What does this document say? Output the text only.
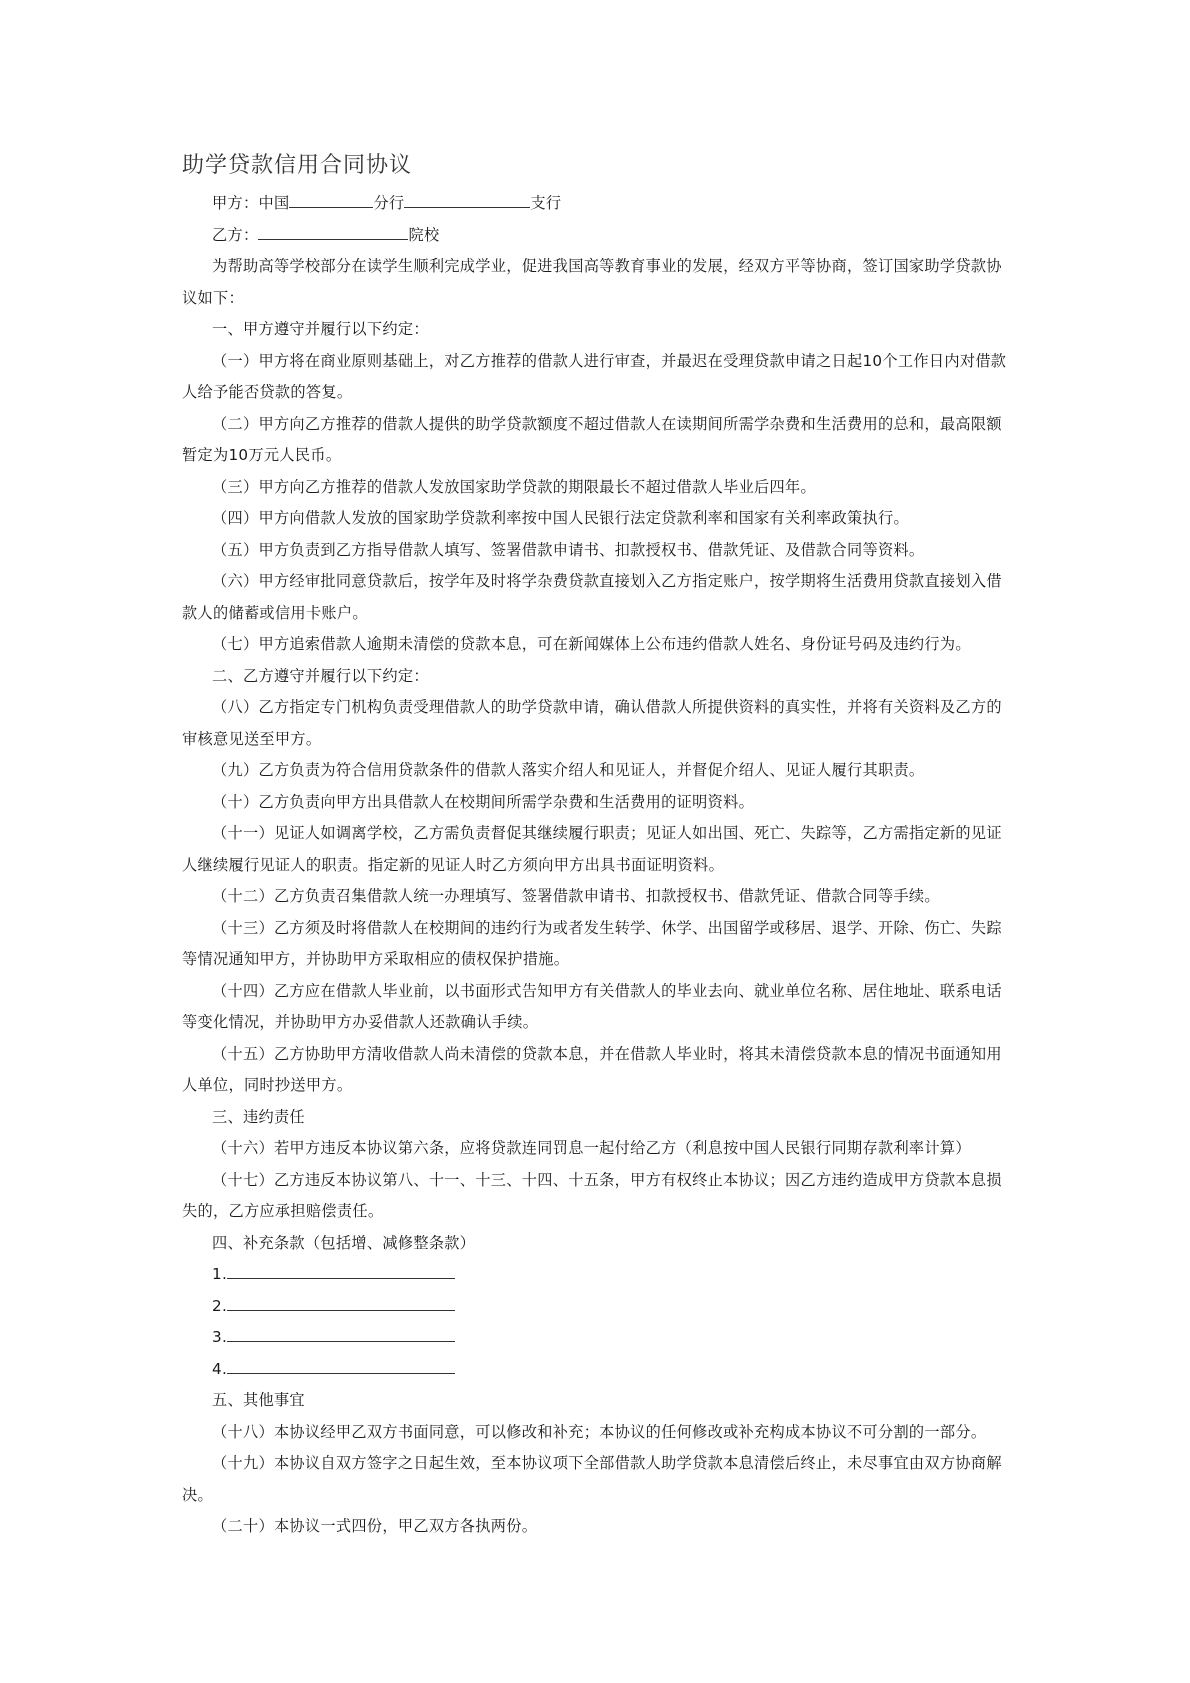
助学贷款信用合同协议

甲方：中国	分行	支行

乙方：	院校

为帮助高等学校部分在读学生顺利完成学业，促进我国高等教育事业的发展，经双方平等协商，签订国家助学贷款协议如下：

一、甲方遵守并履行以下约定：

（一）甲方将在商业原则基础上，对乙方推荐的借款人进行审查，并最迟在受理贷款申请之日起10个工作日内对借款人给予能否贷款的答复。

（二）甲方向乙方推荐的借款人提供的助学贷款额度不超过借款人在读期间所需学杂费和生活费用的总和，最高限额暂定为10万元人民币。

（三）甲方向乙方推荐的借款人发放国家助学贷款的期限最长不超过借款人毕业后四年。

（四）甲方向借款人发放的国家助学贷款利率按中国人民银行法定贷款利率和国家有关利率政策执行。

（五）甲方负责到乙方指导借款人填写、签署借款申请书、扣款授权书、借款凭证、及借款合同等资料。

（六）甲方经审批同意贷款后，按学年及时将学杂费贷款直接划入乙方指定账户，按学期将生活费用贷款直接划入借款人的储蓄或信用卡账户。

（七）甲方追索借款人逾期未清偿的贷款本息，可在新闻媒体上公布违约借款人姓名、身份证号码及违约行为。

二、乙方遵守并履行以下约定：

（八）乙方指定专门机构负责受理借款人的助学贷款申请，确认借款人所提供资料的真实性，并将有关资料及乙方的审核意见送至甲方。

（九）乙方负责为符合信用贷款条件的借款人落实介绍人和见证人，并督促介绍人、见证人履行其职责。

（十）乙方负责向甲方出具借款人在校期间所需学杂费和生活费用的证明资料。

（十一）见证人如调离学校，乙方需负责督促其继续履行职责；见证人如出国、死亡、失踪等，乙方需指定新的见证人继续履行见证人的职责。指定新的见证人时乙方须向甲方出具书面证明资料。

（十二）乙方负责召集借款人统一办理填写、签署借款申请书、扣款授权书、借款凭证、借款合同等手续。

（十三）乙方须及时将借款人在校期间的违约行为或者发生转学、休学、出国留学或移居、退学、开除、伤亡、失踪等情况通知甲方，并协助甲方采取相应的债权保护措施。

（十四）乙方应在借款人毕业前，以书面形式告知甲方有关借款人的毕业去向、就业单位名称、居住地址、联系电话等变化情况，并协助甲方办妥借款人还款确认手续。

（十五）乙方协助甲方清收借款人尚未清偿的贷款本息，并在借款人毕业时，将其未清偿贷款本息的情况书面通知用人单位，同时抄送甲方。

三、违约责任

（十六）若甲方违反本协议第六条，应将贷款连同罚息一起付给乙方（利息按中国人民银行同期存款利率计算）

（十七）乙方违反本协议第八、十一、十三、十四、十五条，甲方有权终止本协议；因乙方违约造成甲方贷款本息损失的，乙方应承担赔偿责任。

四、补充条款（包括增、减修整条款）

1.

2.

3.

4.

五、其他事宜

（十八）本协议经甲乙双方书面同意，可以修改和补充；本协议的任何修改或补充构成本协议不可分割的一部分。

（十九）本协议自双方签字之日起生效，至本协议项下全部借款人助学贷款本息清偿后终止，未尽事宜由双方协商解决。

（二十）本协议一式四份，甲乙双方各执两份。
